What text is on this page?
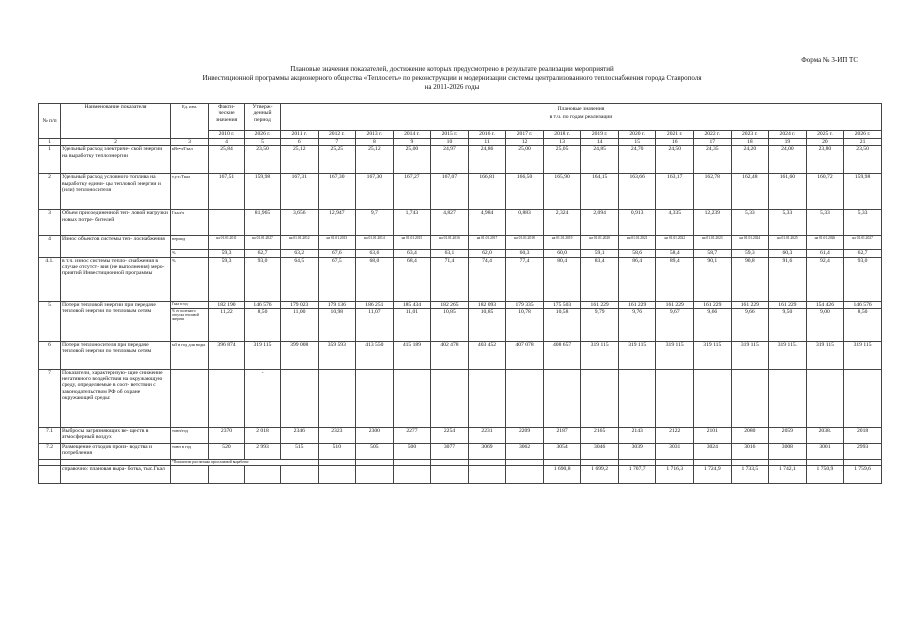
Форма № 3-ИП ТС
Плановые значения показателей, достижение которых предусмотрено в результате реализации мероприятий
Инвестиционной программы акционерного общества «Теплосеть» по реконструкции и модернизации системы централизованного теплоснабжения города Ставрополя
на 2011-2026 годы
№ п/п	Наименование показателя	Ед. изм.	Факти- ческие значения	Утверж- денный период	Плановые значения															
					в т.ч. по годам реализации															
			2010 г.	2026 г.	2011 г.	2012 г.	2013 г.	2014 г.	2015 г.	2016 г.	2017 г.	2018 г.	2019 г.	2020 г.	2021 г.	2022 г.	2023 г.	2024 г.	2025 г.	2026 г.
1	2	3	4	5	6	7	8	9	10	11	12	13	14	15	16	17	18	19	20	21
1	Удельный расход электриче- ской энергии на выработку теплоэнергии	кВт•ч/Гкал	25,84	23,50	25,12	25,25	25,12	25,00	24,97	24,86	25,00	25,05	24,85	24,70	24,50	24,35	24,20	24,00	23,80	23,50
2	Удельный расход условного топлива на выработку едини- цы тепловой энергии и (или) теплоносителя	т.у.т./Гкал	167,51	159,98	167,31	167,30	167,30	167,27	167,07	166,81	166,50	165,90	164,15	163,66	163,17	162,78	162,48	161,60	160,72	159,98
3	Объем присоединенной теп- ловой нагрузки новых потре- бителей	Гкал/ч		81,965	3,656	12,947	9,7	1,743	4,827	4,984	0,883	2,324	2,094	0,913	4,335	12,239	5,33	5,33	5,33	5,33
4	Износ объектов системы теп- лоснабжения	период	на 01.01.2011	на 01.01.2027	на 01.01.2012	на 01.01.2013	на 01.01.2014	на 01.01.2015	на 01.01.2016	на 01.01.2017	на 01.01.2018	на 01.01.2019	на 01.01.2020	на 01.01.2021	на 01.01.2022	на 01.01.2023	на 01.01.2024	на 01.01.2025	на 01.01.2026	на 01.01.2027
		%	59,3	62,7	63,2	67,6	63,6	63,4	63,1	62,0	60,3	60,0	59,1	58,6	58,4	58,7	59,3	60,3	61,4	62,7
4.1.	в т.ч. износ системы тепло- снабжения в случае отсутст- вия (не выполнения) меро- приятий Инвестиционной программы	%	59,3	93,0	64,5	67,5	68,0	68,4	71,4	74,4	77,4	80,4	83,4	86,4	89,4	90,1	90,8	91,6	92,4	93,0
5	Потери тепловой энергии при передаче тепловой энергии по тепловым сетям	Гкал в год	182 190	146 576	179 023	179 136	186 251	185 434	182 265	182 093	179 335	175 503	161 229	161 229	161 229	161 229	161 229	161 229	154 426	146 576
		% от полезного отпуска тепловой энергии	11,22	8,50	11,00	10,98	11,07	11,01	10,85	10,85	10,78	10,58	9,79	9,76	9,67	9,66	9,66	9,50	9,00	8,50
6	Потери теплоносителя при передаче тепловой энергии по тепловым сетям	м3 в год для воды	396 874	319 115	399 008	359 593	413 550	415 189	402 478	403 452	407 078	408 657	319 115	319 115	319 115	319 115	319 115	319 115.	319 115	319 115
7	Показатели, характеризую- щие снижение негативного воздействия на окружающую среду, определяемые в соот- ветствии с законодательством РФ об охране окружающей среды:			-																
7.1	Выбросы загрязняющих ве- ществ в атмосферный воздух	тонн/год	2370	2 018	2346	2323	2300	2277	2254	2231	2209	2187	2165	2143	2122	2101	2080	2059	2038.	2018
7.2	Размещение отходов произ- водства и потребления	тонн в год	520	2 993	515	510	505	500	3077	3069	3062	3054	3046	3039	3031	3024	3016	3008	3001	2993
		*Показатели рассчитаны при плановой выработке																		
	справочно: плановая выра- ботка, тыс.Гкал											1 690,8	1 699,2	1 707,7	1 716,3	1 724,9	1 733,5	1 742,1	1 750,9	1 759,6
